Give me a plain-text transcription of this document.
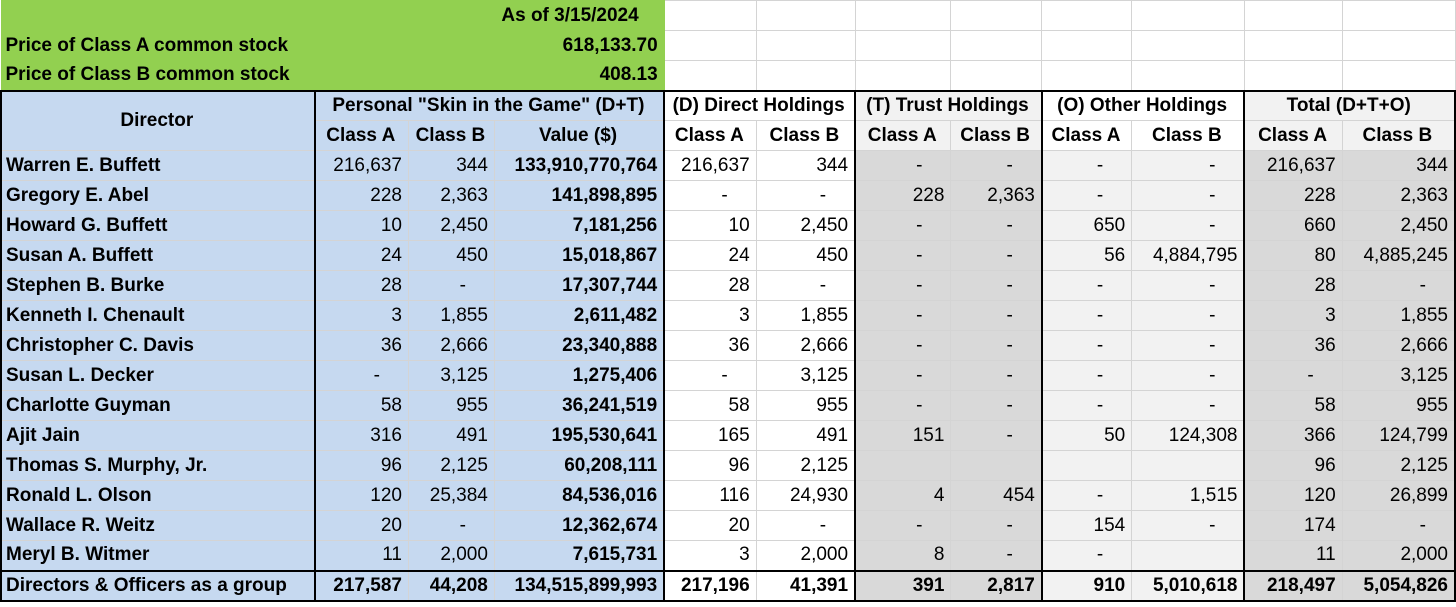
As of 3/15/2024											
Price of Class A common stock			618,133.70								
Price of Class B common stock			408.13								
Director	Personal "Skin in the Game" (D+T)			(D) Direct Holdings		(T) Trust Holdings		(O) Other Holdings		Total (D+T+O)	
	Class A	Class B	Value ($)	Class A	Class B	Class A	Class B	Class A	Class B	Class A	Class B
Warren E. Buffett	216,637	344	133,910,770,764	216,637	344	-	-	-	-	216,637	344
Gregory E. Abel	228	2,363	141,898,895	-	-	228	2,363	-	-	228	2,363
Howard G. Buffett	10	2,450	7,181,256	10	2,450	-	-	650	-	660	2,450
Susan A. Buffett	24	450	15,018,867	24	450	-	-	56	4,884,795	80	4,885,245
Stephen B. Burke	28	-	17,307,744	28	-	-	-	-	-	28	-
Kenneth I. Chenault	3	1,855	2,611,482	3	1,855	-	-	-	-	3	1,855
Christopher C. Davis	36	2,666	23,340,888	36	2,666	-	-	-	-	36	2,666
Susan L. Decker	-	3,125	1,275,406	-	3,125	-	-	-	-	-	3,125
Charlotte Guyman	58	955	36,241,519	58	955	-	-	-	-	58	955
Ajit Jain	316	491	195,530,641	165	491	151	-	50	124,308	366	124,799
Thomas S. Murphy, Jr.	96	2,125	60,208,111	96	2,125					96	2,125
Ronald L. Olson	120	25,384	84,536,016	116	24,930	4	454	-	1,515	120	26,899
Wallace R. Weitz	20	-	12,362,674	20	-	-	-	154	-	174	-
Meryl B. Witmer	11	2,000	7,615,731	3	2,000	8	-	-		11	2,000
Directors & Officers as a group	217,587	44,208	134,515,899,993	217,196	41,391	391	2,817	910	5,010,618	218,497	5,054,826
